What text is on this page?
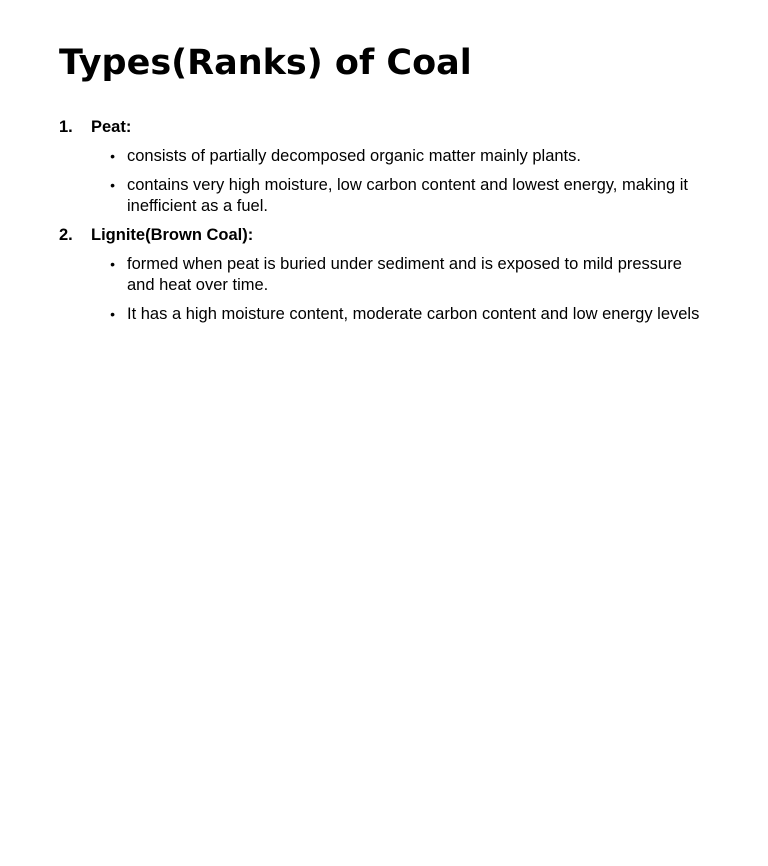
Types(Ranks) of Coal
1.	Peat:
• consists of partially decomposed organic matter mainly plants.
• contains very high moisture, low carbon content and lowest energy, making it inefficient as a fuel.
2.	Lignite(Brown Coal):
• formed when peat is buried under sediment and is exposed to mild pressure and heat over time.
• It has a high moisture content, moderate carbon content and low energy levels
